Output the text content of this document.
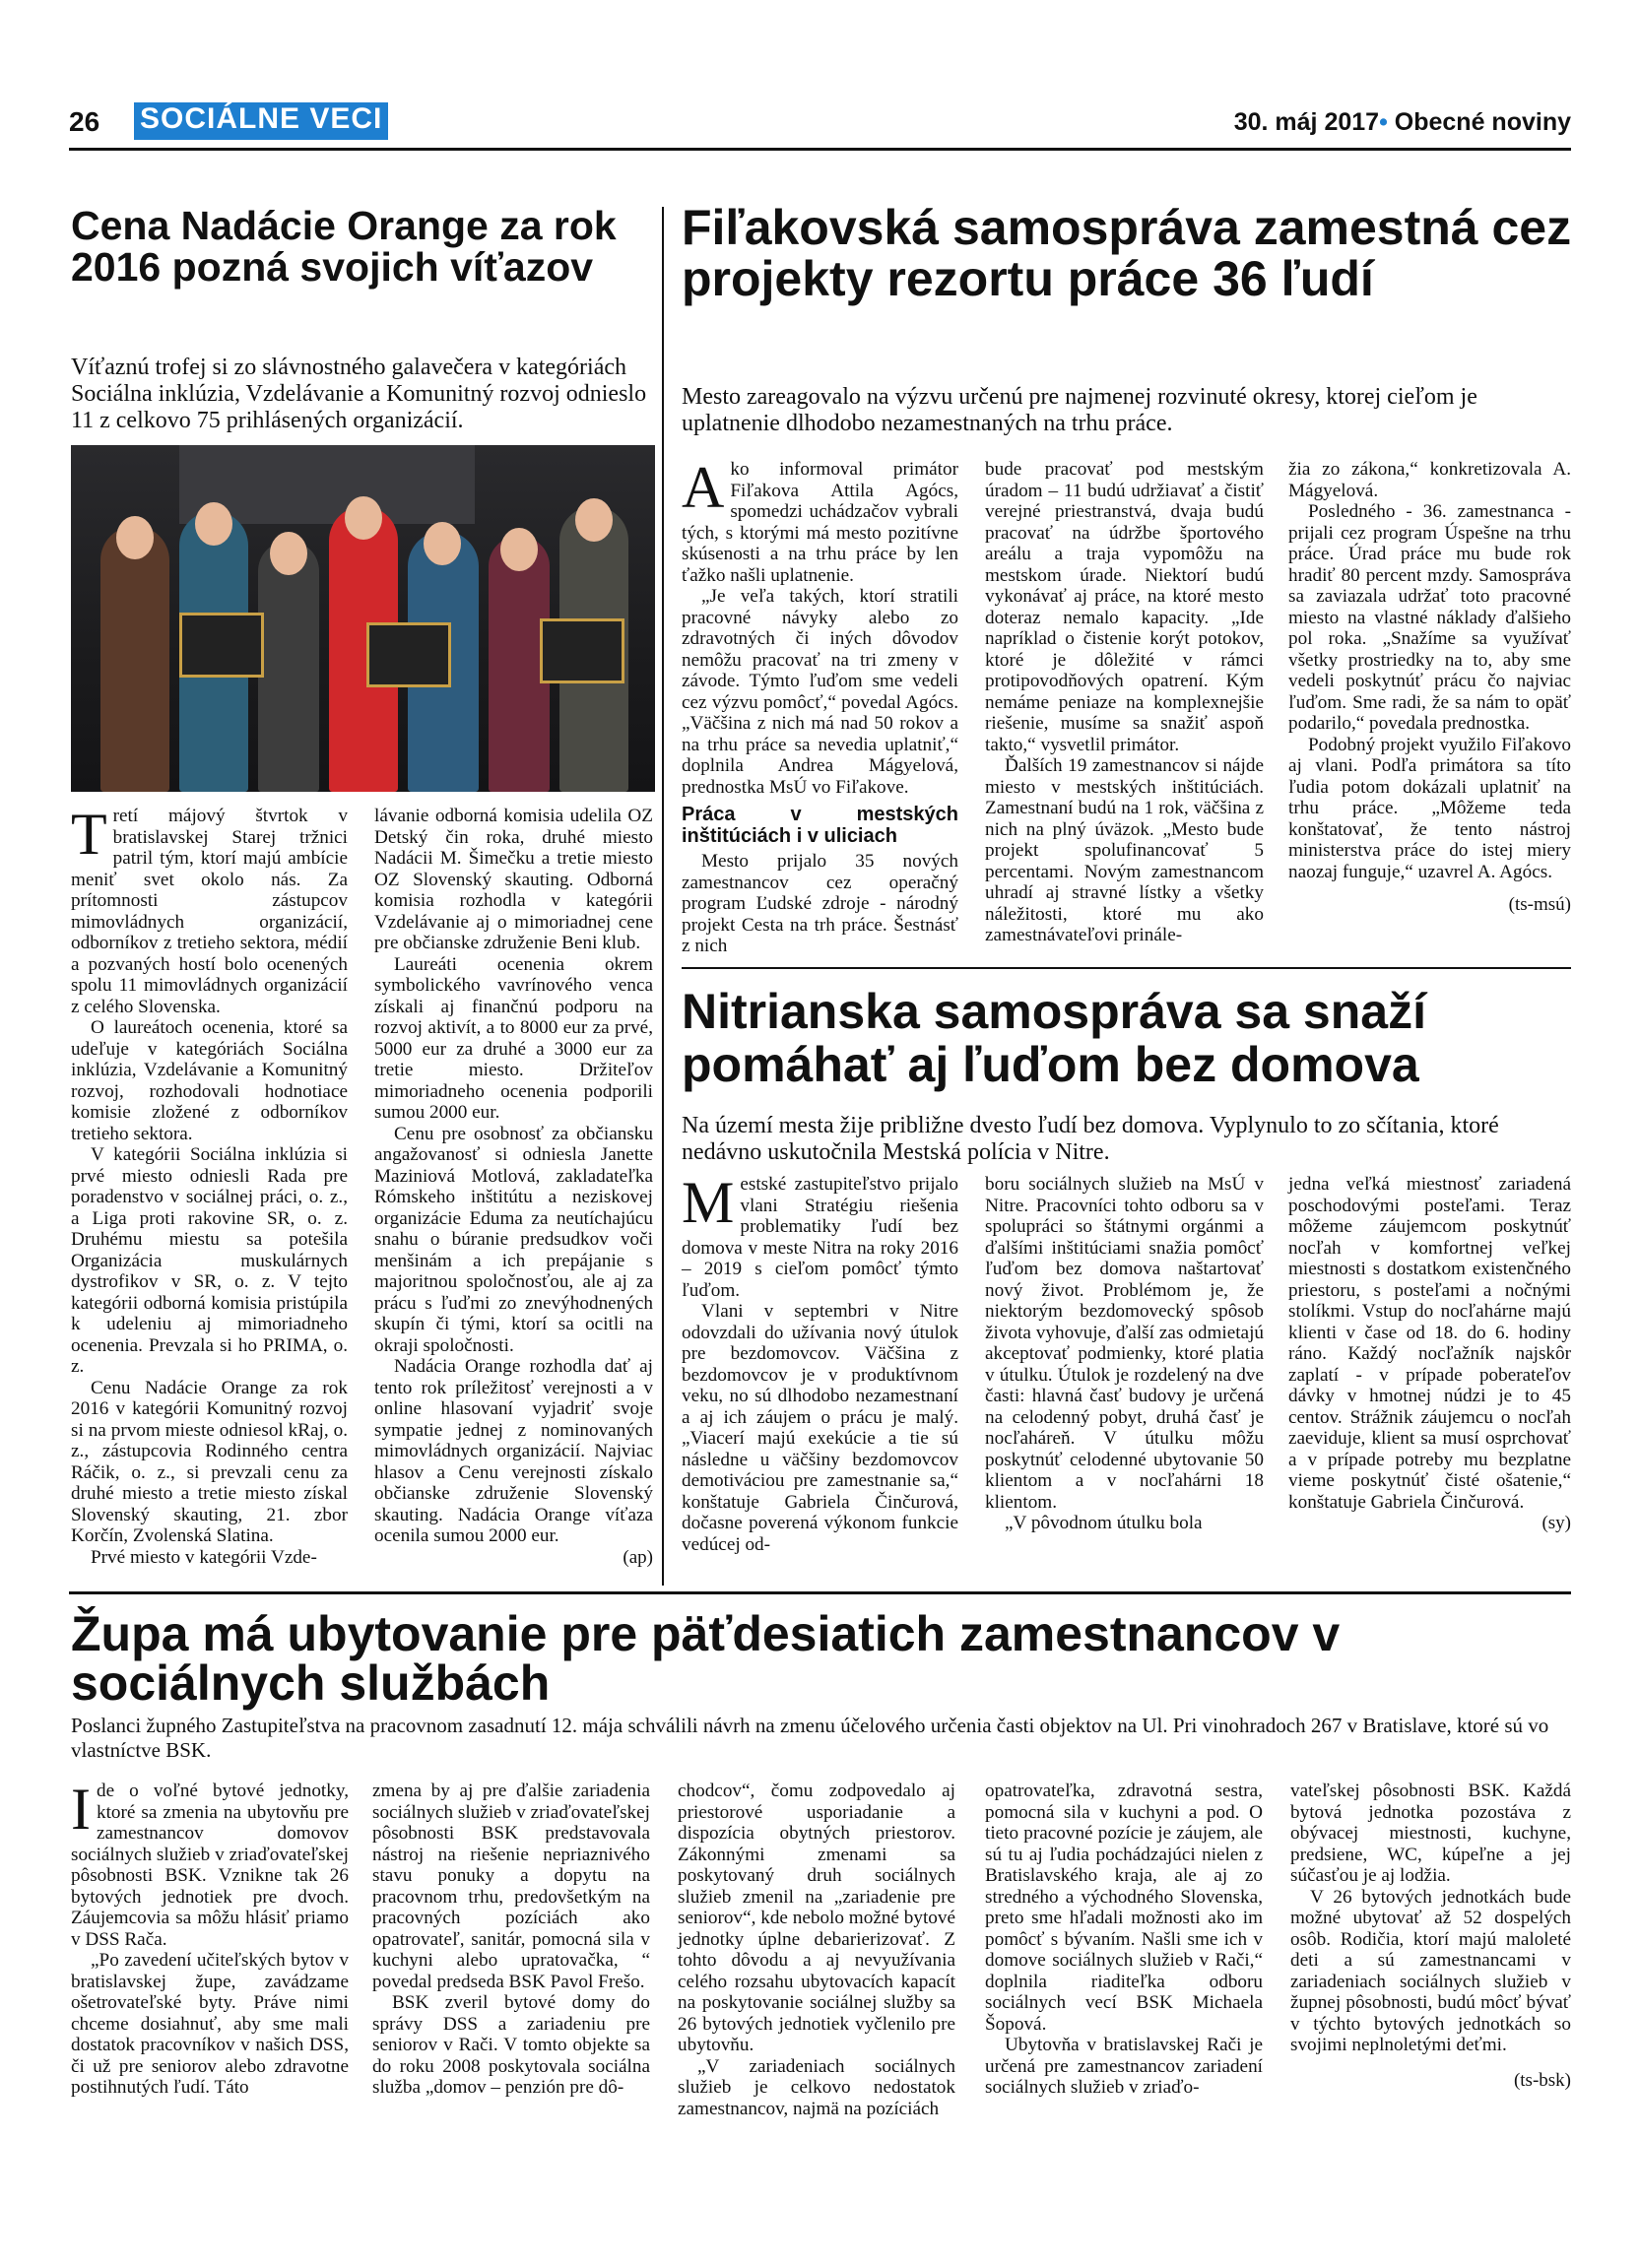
26 SOCIÁLNE VECI	30. máj 2017• Obecné noviny
Cena Nadácie Orange za rok 2016 pozná svojich víťazov

Víťaznú trofej si zo slávnostného galavečera v kategóriách Sociálna inklúzia, Vzdelávanie a Komunitný rozvoj odnieslo 11 z celkovo 75 prihlásených organizácií.

Tretí májový štvrtok v bratislavskej Starej tržnici patril tým, ktorí majú ambície meniť svet okolo nás. Za prítomnosti zástupcov mimovládnych organizácií, odborníkov z tretieho sektora, médií a pozvaných hostí bolo ocenených spolu 11 mimovládnych organizácií z celého Slovenska.

O laureátoch ocenenia, ktoré sa udeľuje v kategóriách Sociálna inklúzia, Vzdelávanie a Komunitný rozvoj, rozhodovali hodnotiace komisie zložené z odborníkov tretieho sektora.

V kategórii Sociálna inklúzia si prvé miesto odniesli Rada pre poradenstvo v sociálnej práci, o. z., a Liga proti rakovine SR, o. z. Druhému miestu sa potešila Organizácia muskulárnych dystrofikov v SR, o. z. V tejto kategórii odborná komisia pristúpila k udeleniu aj mimoriadneho ocenenia. Prevzala si ho PRIMA, o. z.

Cenu Nadácie Orange za rok 2016 v kategórii Komunitný rozvoj si na prvom mieste odniesol kRaj, o. z., zástupcovia Rodinného centra Ráčik, o. z., si prevzali cenu za druhé miesto a tretie miesto získal Slovenský skauting, 21. zbor Korčín, Zvolenská Slatina.

Prvé miesto v kategórii Vzde-

lávanie odborná komisia udelila OZ Detský čin roka, druhé miesto Nadácii M. Šimečku a tretie miesto OZ Slovenský skauting. Odborná komisia rozhodla v kategórii Vzdelávanie aj o mimoriadnej cene pre občianske združenie Beni klub.

Laureáti ocenenia okrem symbolického vavrínového venca získali aj finančnú podporu na rozvoj aktivít, a to 8000 eur za prvé, 5000 eur za druhé a 3000 eur za tretie miesto. Držiteľov mimoriadneho ocenenia podporili sumou 2000 eur.

Cenu pre osobnosť za občiansku angažovanosť si odniesla Janette Maziniová Motlová, zakladateľka Rómskeho inštitútu a neziskovej organizácie Eduma za neutíchajúcu snahu o búranie predsudkov voči menšinám a ich prepájanie s majoritnou spoločnosťou, ale aj za prácu s ľuďmi zo znevýhodnených skupín či tými, ktorí sa ocitli na okraji spoločnosti.

Nadácia Orange rozhodla dať aj tento rok príležitosť verejnosti a v online hlasovaní vyjadriť svoje sympatie jednej z nominovaných mimovládnych organizácií. Najviac hlasov a Cenu verejnosti získalo občianske združenie Slovenský skauting. Nadácia Orange víťaza ocenila sumou 2000 eur.

(ap)
Fiľakovská samospráva zamestná cez projekty rezortu práce 36 ľudí

Mesto zareagovalo na výzvu určenú pre najmenej rozvinuté okresy, ktorej cieľom je uplatnenie dlhodobo nezamestnaných na trhu práce.

Ako informoval primátor Fiľakova Attila Agócs, spomedzi uchádzačov vybrali tých, s ktorými má mesto pozitívne skúsenosti a na trhu práce by len ťažko našli uplatnenie.

„Je veľa takých, ktorí stratili pracovné návyky alebo zo zdravotných či iných dôvodov nemôžu pracovať na tri zmeny v závode. Týmto ľuďom sme vedeli cez výzvu pomôcť,“ povedal Agócs. „Väčšina z nich má nad 50 rokov a na trhu práce sa nevedia uplatniť,“ doplnila Andrea Mágyelová, prednostka MsÚ vo Fiľakove.

Práca v mestských inštitúciách i v uliciach

Mesto prijalo 35 nových zamestnancov cez operačný program Ľudské zdroje - národný projekt Cesta na trh práce. Šestnásť z nich

bude pracovať pod mestským úradom – 11 budú udržiavať a čistiť verejné priestranstvá, dvaja budú pracovať na údržbe športového areálu a traja vypomôžu na mestskom úrade. Niektorí budú vykonávať aj práce, na ktoré mesto doteraz nemalo kapacity. „Ide napríklad o čistenie korýt potokov, ktoré je dôležité v rámci protipovodňových opatrení. Kým nemáme peniaze na komplexnejšie riešenie, musíme sa snažiť aspoň takto,“ vysvetlil primátor.

Ďalších 19 zamestnancov si nájde miesto v mestských inštitúciách. Zamestnaní budú na 1 rok, väčšina z nich na plný úväzok. „Mesto bude projekt spolufinancovať 5 percentami. Novým zamestnancom uhradí aj stravné lístky a všetky náležitosti, ktoré mu ako zamestnávateľovi prinále-

žia zo zákona,“ konkretizovala A. Mágyelová.

Posledného - 36. zamestnanca - prijali cez program Úspešne na trhu práce. Úrad práce mu bude rok hradiť 80 percent mzdy. Samospráva sa zaviazala udržať toto pracovné miesto na vlastné náklady ďalšieho pol roka. „Snažíme sa využívať všetky prostriedky na to, aby sme vedeli poskytnúť prácu čo najviac ľuďom. Sme radi, že sa nám to opäť podarilo,“ povedala prednostka.

Podobný projekt využilo Fiľakovo aj vlani. Podľa primátora sa títo ľudia potom dokázali uplatniť na trhu práce. „Môžeme teda konštatovať, že tento nástroj ministerstva práce do istej miery naozaj funguje,“ uzavrel A. Agócs.

(ts-msú)
Nitrianska samospráva sa snaží pomáhať aj ľuďom bez domova

Na území mesta žije približne dvesto ľudí bez domova. Vyplynulo to zo sčítania, ktoré nedávno uskutočnila Mestská polícia v Nitre.

Mestské zastupiteľstvo prijalo vlani Stratégiu riešenia problematiky ľudí bez domova v meste Nitra na roky 2016 – 2019 s cieľom pomôcť týmto ľuďom.

Vlani v septembri v Nitre odovzdali do užívania nový útulok pre bezdomovcov. Väčšina z bezdomovcov je v produktívnom veku, no sú dlhodobo nezamestnaní a aj ich záujem o prácu je malý. „Viacerí majú exekúcie a tie sú následne u väčšiny bezdomovcov demotiváciou pre zamestnanie sa,“ konštatuje Gabriela Činčurová, dočasne poverená výkonom funkcie vedúcej od-

boru sociálnych služieb na MsÚ v Nitre. Pracovníci tohto odboru sa v spolupráci so štátnymi orgánmi a ďalšími inštitúciami snažia pomôcť ľuďom bez domova naštartovať nový život. Problémom je, že niektorým bezdomovecký spôsob života vyhovuje, ďalší zas odmietajú akceptovať podmienky, ktoré platia v útulku. Útulok je rozdelený na dve časti: hlavná časť budovy je určená na celodenný pobyt, druhá časť je nocľaháreň. V útulku môžu poskytnúť celodenné ubytovanie 50 klientom a v nocľahárni 18 klientom.

„V pôvodnom útulku bola

jedna veľká miestnosť zariadená poschodovými posteľami. Teraz môžeme záujemcom poskytnúť nocľah v komfortnej veľkej miestnosti s dostatkom existenčného priestoru, s posteľami a nočnými stolíkmi. Vstup do nocľahárne majú klienti v čase od 18. do 6. hodiny ráno. Každý nocľažník najskôr zaplatí - v prípade poberateľov dávky v hmotnej núdzi je to 45 centov. Strážnik záujemcu o nocľah zaeviduje, klient sa musí osprchovať a v prípade potreby mu bezplatne vieme poskytnúť čisté ošatenie,“ konštatuje Gabriela Činčurová.

(sy)
Župa má ubytovanie pre päťdesiatich zamestnancov v sociálnych službách

Poslanci župného Zastupiteľstva na pracovnom zasadnutí 12. mája schválili návrh na zmenu účelového určenia časti objektov na Ul. Pri vinohradoch 267 v Bratislave, ktoré sú vo vlastníctve BSK.

Ide o voľné bytové jednotky, ktoré sa zmenia na ubytovňu pre zamestnancov domovov sociálnych služieb v zriaďovateľskej pôsobnosti BSK. Vznikne tak 26 bytových jednotiek pre dvoch. Záujemcovia sa môžu hlásiť priamo v DSS Rača.

„Po zavedení učiteľských bytov v bratislavskej župe, zavádzame ošetrovateľské byty. Práve nimi chceme dosiahnuť, aby sme mali dostatok pracovníkov v našich DSS, či už pre seniorov alebo zdravotne postihnutých ľudí. Táto

zmena by aj pre ďalšie zariadenia sociálnych služieb v zriaďovateľskej pôsobnosti BSK predstavovala nástroj na riešenie nepriaznivého stavu ponuky a dopytu na pracovnom trhu, predovšetkým na pracovných pozíciách ako opatrovateľ, sanitár, pomocná sila v kuchyni alebo upratovačka, “ povedal predseda BSK Pavol Frešo.

BSK zveril bytové domy do správy DSS a zariadeniu pre seniorov v Rači. V tomto objekte sa do roku 2008 poskytovala sociálna služba „domov – penzión pre dô-

chodcov“, čomu zodpovedalo aj priestorové usporiadanie a dispozícia obytných priestorov. Zákonnými zmenami sa poskytovaný druh sociálnych služieb zmenil na „zariadenie pre seniorov“, kde nebolo možné bytové jednotky úplne debarierizovať. Z tohto dôvodu a aj nevyužívania celého rozsahu ubytovacích kapacít na poskytovanie sociálnej služby sa 26 bytových jednotiek vyčlenilo pre ubytovňu.

„V zariadeniach sociálnych služieb je celkovo nedostatok zamestnancov, najmä na pozíciách

opatrovateľka, zdravotná sestra, pomocná sila v kuchyni a pod. O tieto pracovné pozície je záujem, ale sú tu aj ľudia pochádzajúci nielen z Bratislavského kraja, ale aj zo stredného a východného Slovenska, preto sme hľadali možnosti ako im pomôcť s bývaním. Našli sme ich v domove sociálnych služieb v Rači,“ doplnila riaditeľka odboru sociálnych vecí BSK Michaela Šopová.

Ubytovňa v bratislavskej Rači je určená pre zamestnancov zariadení sociálnych služieb v zriaďo-

vateľskej pôsobnosti BSK. Každá bytová jednotka pozostáva z obývacej miestnosti, kuchyne, predsiene, WC, kúpeľne a jej súčasťou je aj lodžia.

V 26 bytových jednotkách bude možné ubytovať až 52 dospelých osôb. Rodičia, ktorí majú maloleté deti a sú zamestnancami v zariadeniach sociálnych služieb v župnej pôsobnosti, budú môcť bývať v týchto bytových jednotkách so svojimi neplnoletými deťmi.

(ts-bsk)
